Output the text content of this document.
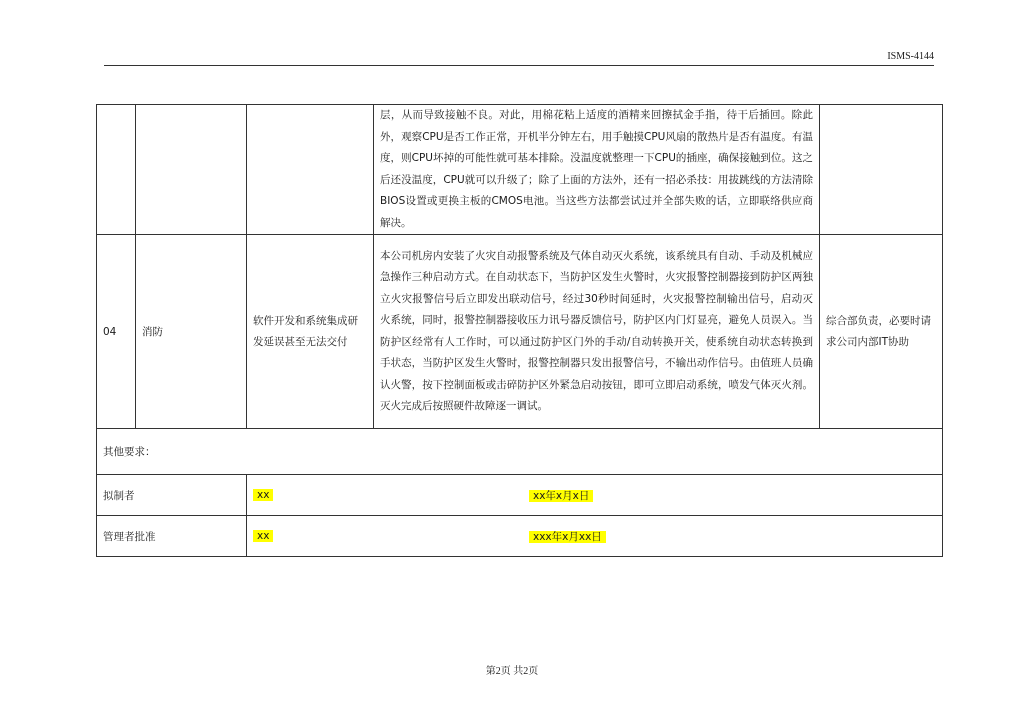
ISMS-4144

			层，从而导致接触不良。对此，用棉花粘上适度的酒精来回擦拭金手指，待干后插回。除此外，观察CPU是否工作正常，开机半分钟左右，用手触摸CPU风扇的散热片是否有温度。有温度，则CPU坏掉的可能性就可基本排除。没温度就整理一下CPU的插座，确保接触到位。这之后还没温度，CPU就可以升级了；除了上面的方法外，还有一招必杀技：用拔跳线的方法清除BIOS设置或更换主板的CMOS电池。当这些方法都尝试过并全部失败的话，立即联络供应商解决。	

04	消防	软件开发和系统集成研发延误甚至无法交付	本公司机房内安装了火灾自动报警系统及气体自动灭火系统，该系统具有自动、手动及机械应急操作三种启动方式。在自动状态下，当防护区发生火警时，火灾报警控制器接到防护区两独立火灾报警信号后立即发出联动信号，经过30秒时间延时，火灾报警控制输出信号，启动灭火系统，同时，报警控制器接收压力讯号器反馈信号，防护区内门灯显亮，避免人员误入。当防护区经常有人工作时，可以通过防护区门外的手动/自动转换开关，使系统自动状态转换到手状态，当防护区发生火警时，报警控制器只发出报警信号，不输出动作信号。由值班人员确认火警，按下控制面板或击碎防护区外紧急启动按钮，即可立即启动系统，喷发气体灭火剂。灭火完成后按照硬件故障逐一调试。	综合部负责，必要时请求公司内部IT协助
其他要求：				
拟制者		xx xx年x月x日		

管理者批准		xx xxx年x月xx日		
第2页 共2页
